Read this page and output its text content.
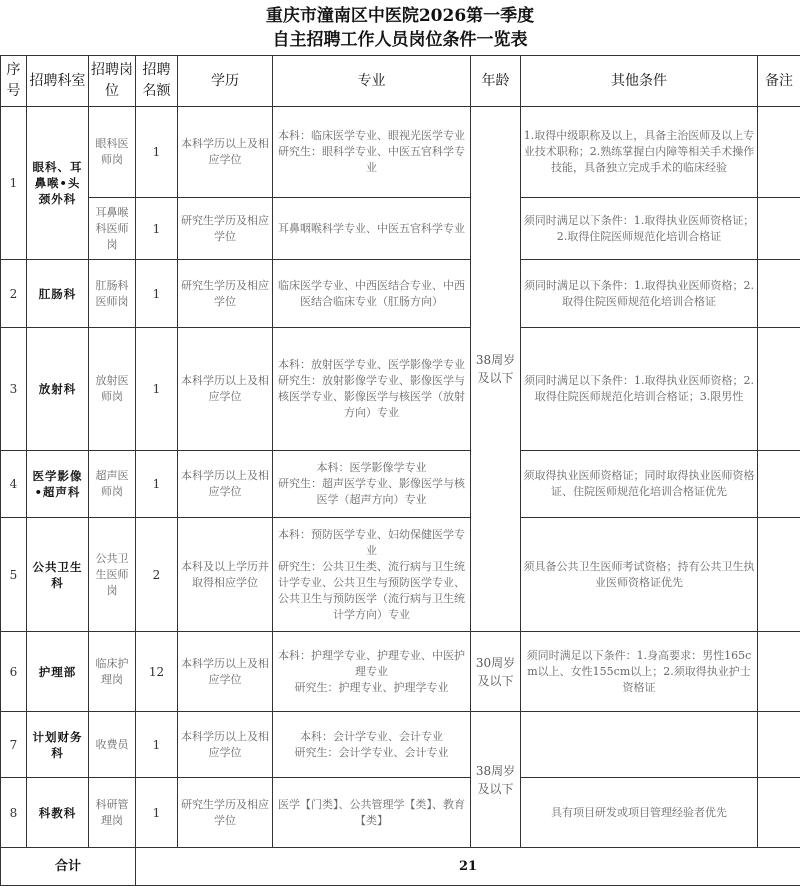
重庆市潼南区中医院2026第一季度
自主招聘工作人员岗位条件一览表
序号	招聘科室	招聘岗位	招聘名额	学历	专业	年龄	其他条件	备注
1	眼科、耳鼻喉•头颈外科	眼科医师岗	1	本科学历以上及相应学位	本科：临床医学专业、眼视光医学专业
研究生：眼科学专业、中医五官科学专业	38周岁及以下	1.取得中级职称及以上，具备主治医师及以上专业技术职称；2.熟练掌握白内障等相关手术操作技能，具备独立完成手术的临床经验	
		耳鼻喉科医师岗	1	研究生学历及相应学位	耳鼻咽喉科学专业、中医五官科学专业		须同时满足以下条件：1.取得执业医师资格证；2.取得住院医师规范化培训合格证	
2	肛肠科	肛肠科医师岗	1	研究生学历及相应学位	临床医学专业、中西医结合专业、中西医结合临床专业（肛肠方向）		须同时满足以下条件：1.取得执业医师资格；2.取得住院医师规范化培训合格证	
3	放射科	放射医师岗	1	本科学历以上及相应学位	本科：放射医学专业、医学影像学专业
研究生：放射影像学专业、影像医学与核医学专业、影像医学与核医学（放射方向）专业		须同时满足以下条件：1.取得执业医师资格；2.取得住院医师规范化培训合格证；3.限男性	
4	医学影像•超声科	超声医师岗	1	本科学历以上及相应学位	本科：医学影像学专业
研究生：超声医学专业、影像医学与核医学（超声方向）专业		须取得执业医师资格证；同时取得执业医师资格证、住院医师规范化培训合格证优先	
5	公共卫生科	公共卫生医师岗	2	本科及以上学历并取得相应学位	本科：预防医学专业、妇幼保健医学专业
研究生：公共卫生类、流行病与卫生统计学专业、公共卫生与预防医学专业、公共卫生与预防医学（流行病与卫生统计学方向）专业		须具备公共卫生医师考试资格；持有公共卫生执业医师资格证优先	
6	护理部	临床护理岗	12	本科学历以上及相应学位	本科：护理学专业、护理专业、中医护理专业
研究生：护理专业、护理学专业	30周岁及以下	须同时满足以下条件：1.身高要求：男性165cm以上、女性155cm以上；2.须取得执业护士资格证	
7	计划财务科	收费员	1	本科学历以上及相应学位	本科：会计学专业、会计专业
研究生：会计学专业、会计专业	38周岁及以下		
8	科教科	科研管理岗	1	研究生学历及相应学位	医学【门类】、公共管理学【类】、教育【类】		具有项目研发或项目管理经验者优先	
合计			21					
